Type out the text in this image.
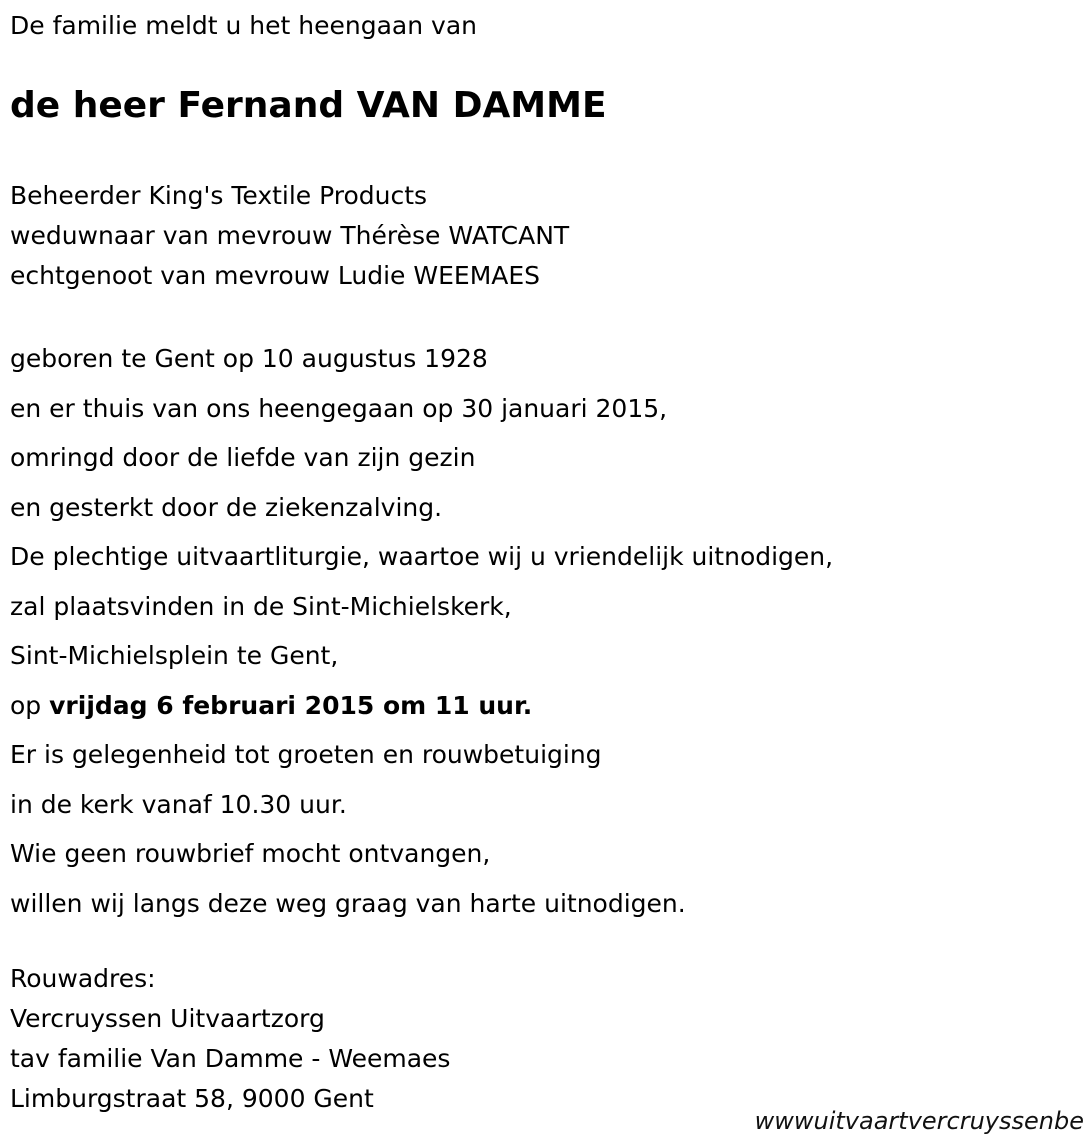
De familie meldt u het heengaan van
de heer Fernand VAN DAMME
Beheerder King's Textile Products
weduwnaar van mevrouw Thérèse WATCANT
echtgenoot van mevrouw Ludie WEEMAES
geboren te Gent op 10 augustus 1928
en er thuis van ons heengegaan op 30 januari 2015,
omringd door de liefde van zijn gezin
en gesterkt door de ziekenzalving.
De plechtige uitvaartliturgie, waartoe wij u vriendelijk uitnodigen,
zal plaatsvinden in de Sint-Michielskerk,
Sint-Michielsplein te Gent,
op vrijdag 6 februari 2015 om 11 uur.
Er is gelegenheid tot groeten en rouwbetuiging
in de kerk vanaf 10.30 uur.
Wie geen rouwbrief mocht ontvangen,
willen wij langs deze weg graag van harte uitnodigen.
Rouwadres:
Vercruyssen Uitvaartzorg
tav familie Van Damme - Weemaes
Limburgstraat 58, 9000 Gent
wwwuitvaartvercruyssenbe
